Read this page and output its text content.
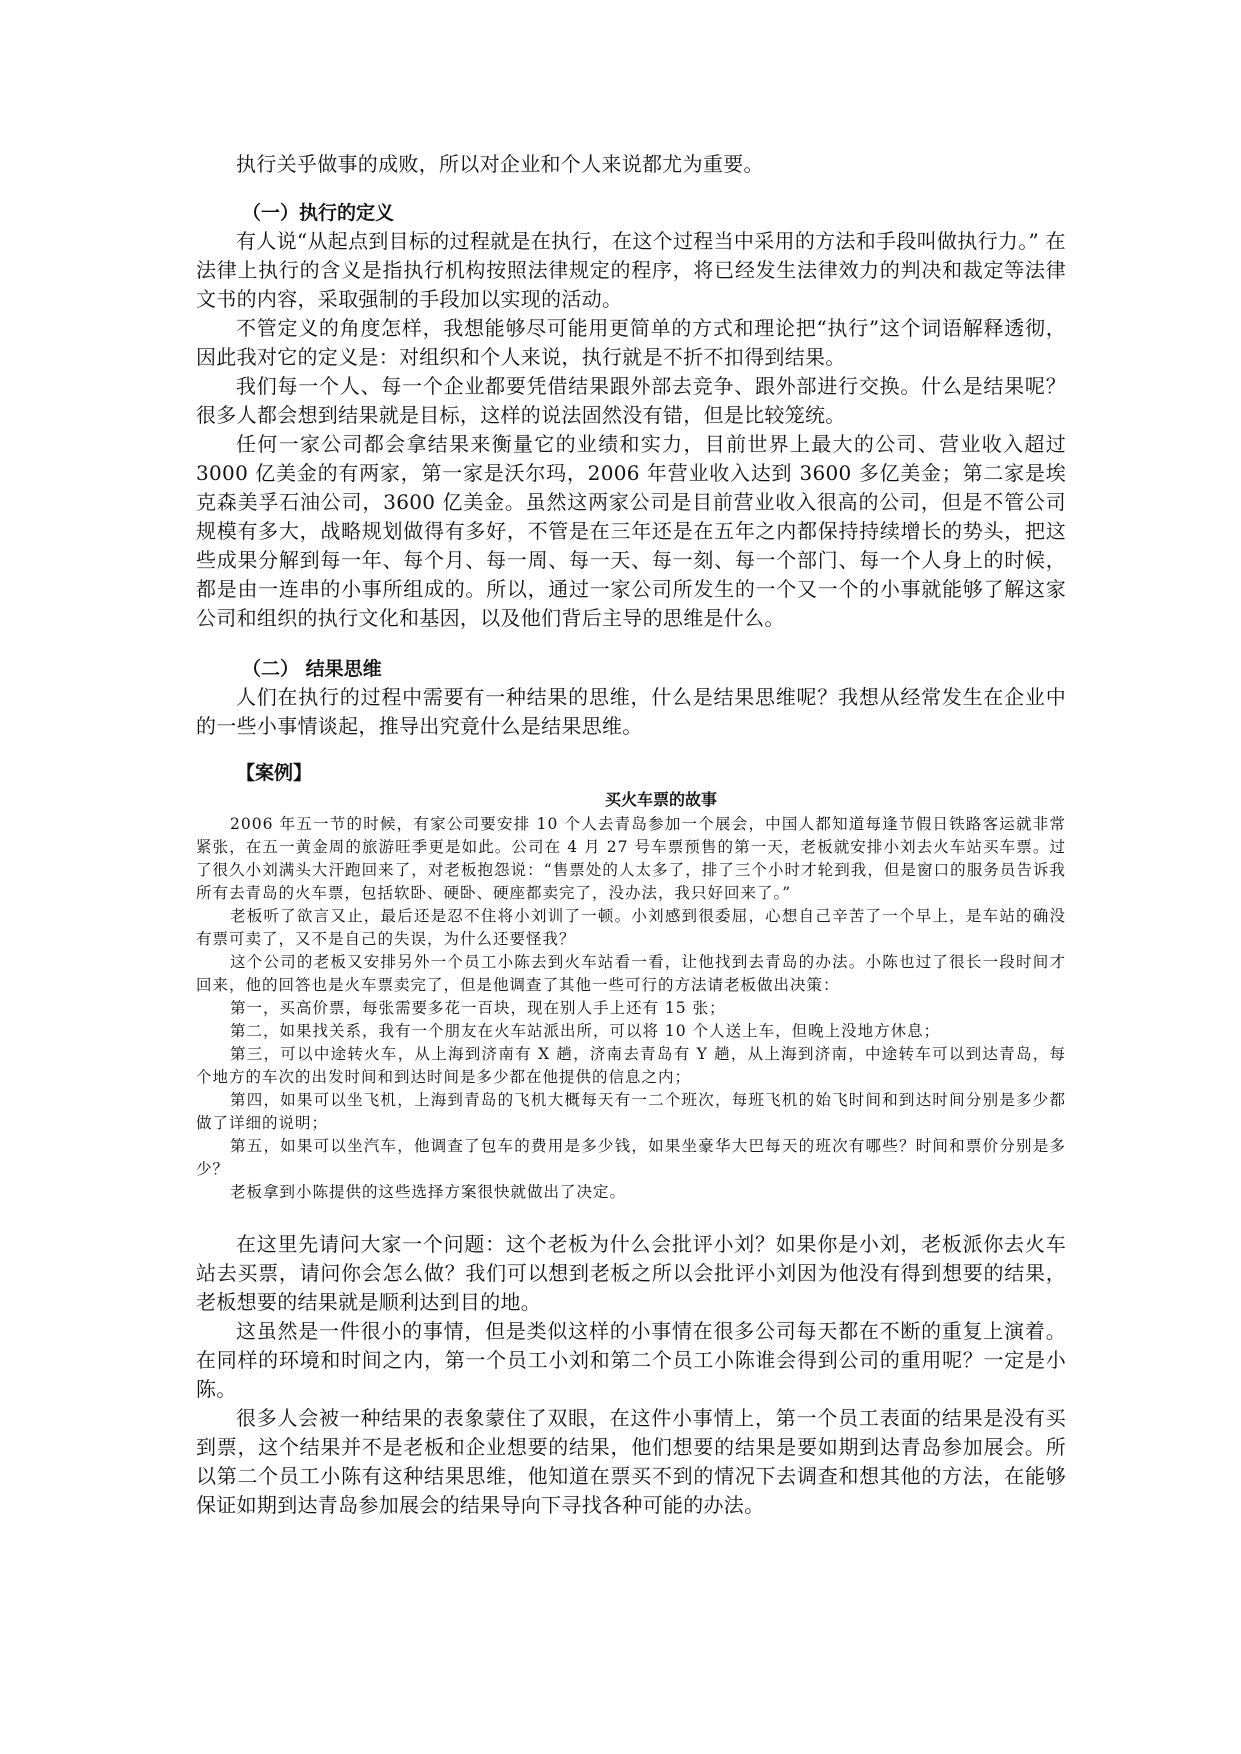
执行关乎做事的成败，所以对企业和个人来说都尤为重要。

（一）执行的定义

有人说“从起点到目标的过程就是在执行，在这个过程当中采用的方法和手段叫做执行力。” 在法律上执行的含义是指执行机构按照法律规定的程序，将已经发生法律效力的判决和裁定等法律文书的内容，采取强制的手段加以实现的活动。

不管定义的角度怎样，我想能够尽可能用更简单的方式和理论把“执行”这个词语解释透彻，因此我对它的定义是：对组织和个人来说，执行就是不折不扣得到结果。

我们每一个人、每一个企业都要凭借结果跟外部去竞争、跟外部进行交换。什么是结果呢？很多人都会想到结果就是目标，这样的说法固然没有错，但是比较笼统。

任何一家公司都会拿结果来衡量它的业绩和实力，目前世界上最大的公司、营业收入超过 3000 亿美金的有两家，第一家是沃尔玛，2006 年营业收入达到 3600 多亿美金；第二家是埃克森美孚石油公司，3600 亿美金。虽然这两家公司是目前营业收入很高的公司，但是不管公司规模有多大，战略规划做得有多好，不管是在三年还是在五年之内都保持持续增长的势头，把这些成果分解到每一年、每个月、每一周、每一天、每一刻、每一个部门、每一个人身上的时候，都是由一连串的小事所组成的。所以，通过一家公司所发生的一个又一个的小事就能够了解这家公司和组织的执行文化和基因，以及他们背后主导的思维是什么。

（二） 结果思维

人们在执行的过程中需要有一种结果的思维，什么是结果思维呢？我想从经常发生在企业中的一些小事情谈起，推导出究竟什么是结果思维。

【案例】
买火车票的故事

2006 年五一节的时候，有家公司要安排 10 个人去青岛参加一个展会，中国人都知道每逢节假日铁路客运就非常紧张，在五一黄金周的旅游旺季更是如此。公司在 4 月 27 号车票预售的第一天，老板就安排小刘去火车站买车票。过了很久小刘满头大汗跑回来了，对老板抱怨说：“售票处的人太多了，排了三个小时才轮到我，但是窗口的服务员告诉我所有去青岛的火车票，包括软卧、硬卧、硬座都卖完了，没办法，我只好回来了。”

老板听了欲言又止，最后还是忍不住将小刘训了一顿。小刘感到很委屈，心想自己辛苦了一个早上，是车站的确没有票可卖了，又不是自己的失误，为什么还要怪我？

这个公司的老板又安排另外一个员工小陈去到火车站看一看，让他找到去青岛的办法。小陈也过了很长一段时间才回来，他的回答也是火车票卖完了，但是他调查了其他一些可行的方法请老板做出决策：

第一，买高价票，每张需要多花一百块，现在别人手上还有 15 张；

第二，如果找关系，我有一个朋友在火车站派出所，可以将 10 个人送上车，但晚上没地方休息；

第三，可以中途转火车，从上海到济南有 X 趟，济南去青岛有 Y 趟，从上海到济南，中途转车可以到达青岛，每个地方的车次的出发时间和到达时间是多少都在他提供的信息之内；

第四，如果可以坐飞机，上海到青岛的飞机大概每天有一二个班次，每班飞机的始飞时间和到达时间分别是多少都做了详细的说明；

第五，如果可以坐汽车，他调查了包车的费用是多少钱，如果坐豪华大巴每天的班次有哪些？时间和票价分别是多少？

老板拿到小陈提供的这些选择方案很快就做出了决定。

在这里先请问大家一个问题：这个老板为什么会批评小刘？如果你是小刘，老板派你去火车站去买票，请问你会怎么做？我们可以想到老板之所以会批评小刘因为他没有得到想要的结果，老板想要的结果就是顺利达到目的地。

这虽然是一件很小的事情，但是类似这样的小事情在很多公司每天都在不断的重复上演着。在同样的环境和时间之内，第一个员工小刘和第二个员工小陈谁会得到公司的重用呢？一定是小陈。

很多人会被一种结果的表象蒙住了双眼，在这件小事情上，第一个员工表面的结果是没有买到票，这个结果并不是老板和企业想要的结果，他们想要的结果是要如期到达青岛参加展会。所以第二个员工小陈有这种结果思维，他知道在票买不到的情况下去调查和想其他的方法，在能够保证如期到达青岛参加展会的结果导向下寻找各种可能的办法。
